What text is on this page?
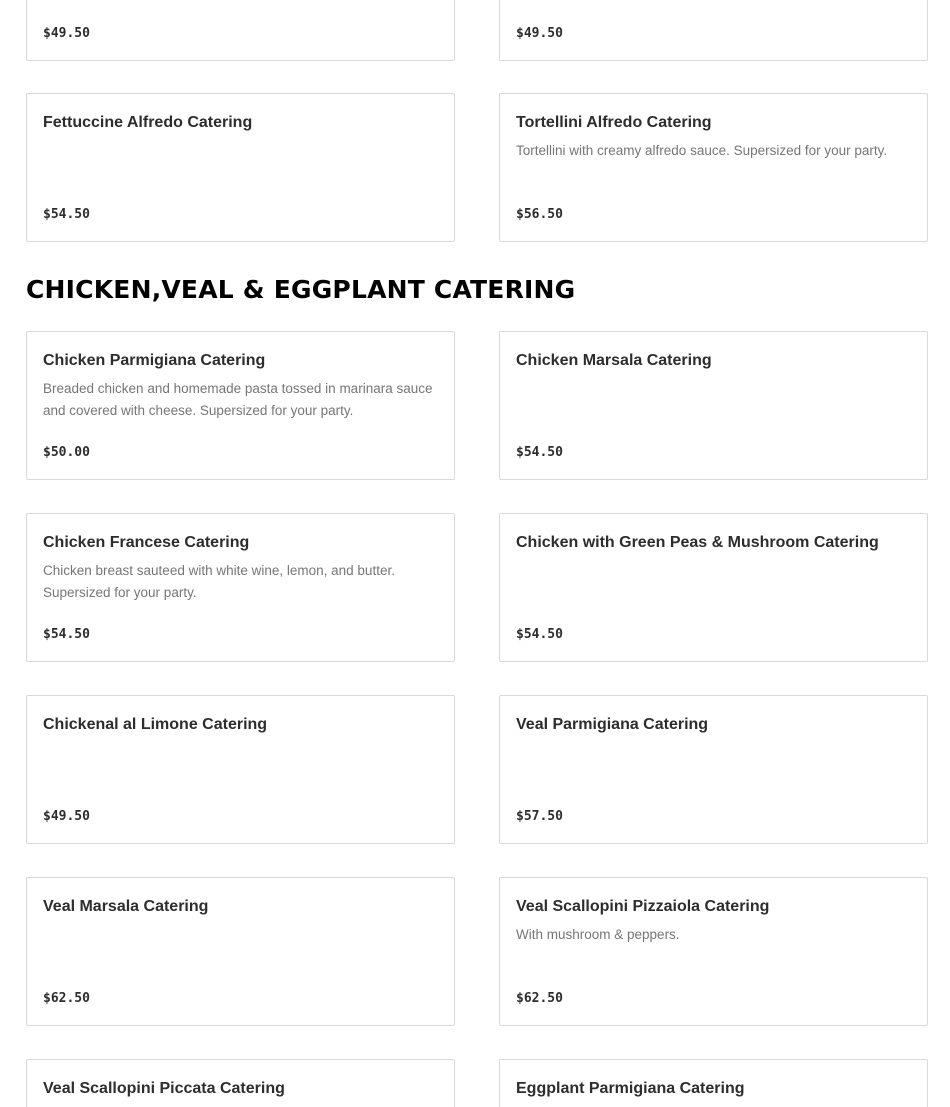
$49.50	$49.50
Fettuccine Alfredo Catering

$54.50
Tortellini Alfredo Catering

Tortellini with creamy alfredo sauce. Supersized for your party.

$56.50
CHICKEN,VEAL & EGGPLANT CATERING
Chicken Parmigiana Catering

Breaded chicken and homemade pasta tossed in marinara sauce and covered with cheese. Supersized for your party.

$50.00
Chicken Marsala Catering

$54.50
Chicken Francese Catering

Chicken breast sauteed with white wine, lemon, and butter. Supersized for your party.

$54.50
Chicken with Green Peas & Mushroom Catering

$54.50
Chickenal al Limone Catering

$49.50
Veal Parmigiana Catering

$57.50
Veal Marsala Catering

$62.50
Veal Scallopini Pizzaiola Catering

With mushroom & peppers.

$62.50
Veal Scallopini Piccata Catering	Eggplant Parmigiana Catering
